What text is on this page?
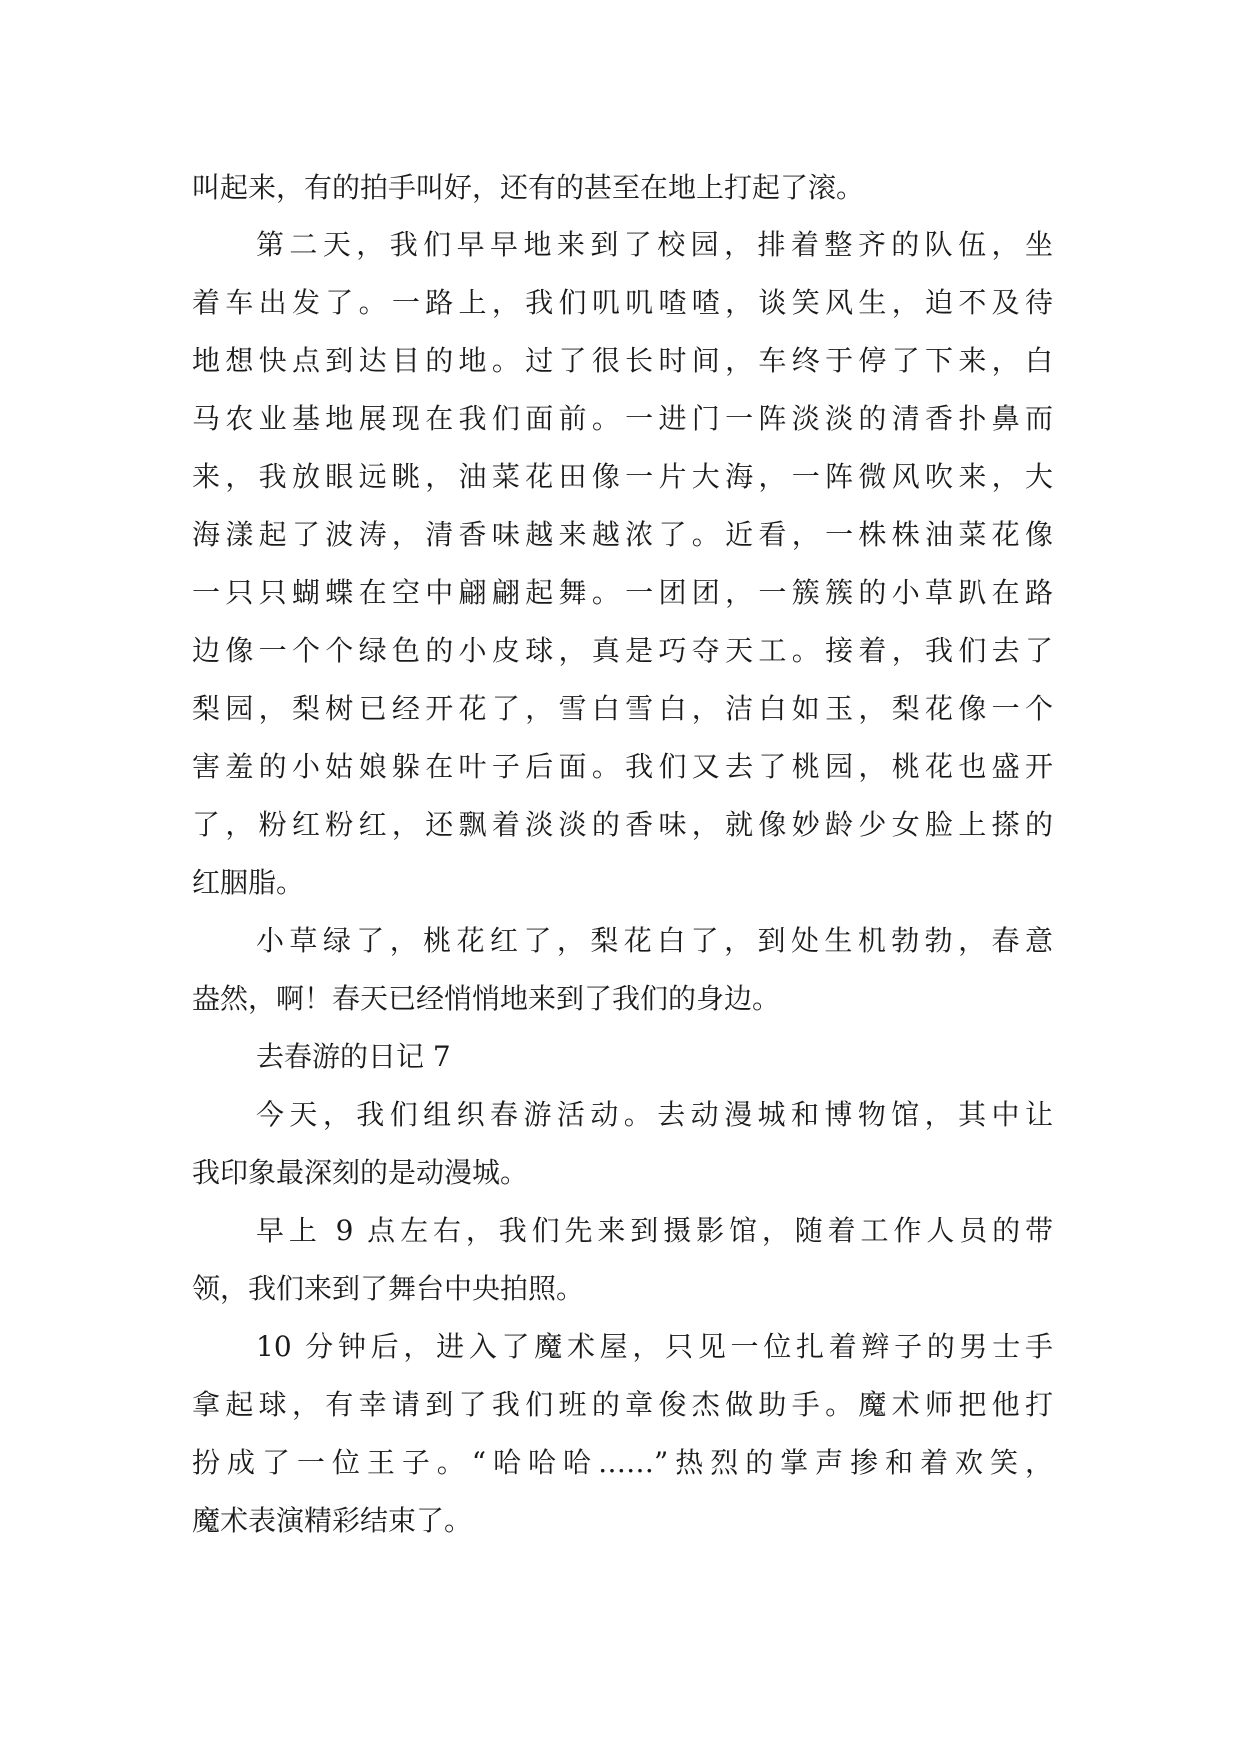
叫起来，有的拍手叫好，还有的甚至在地上打起了滚。
第二天，我们早早地来到了校园，排着整齐的队伍，坐
着车出发了。一路上，我们叽叽喳喳，谈笑风生，迫不及待
地想快点到达目的地。过了很长时间，车终于停了下来，白
马农业基地展现在我们面前。一进门一阵淡淡的清香扑鼻而
来，我放眼远眺，油菜花田像一片大海，一阵微风吹来，大
海漾起了波涛，清香味越来越浓了。近看，一株株油菜花像
一只只蝴蝶在空中翩翩起舞。一团团，一簇簇的小草趴在路
边像一个个绿色的小皮球，真是巧夺天工。接着，我们去了
梨园，梨树已经开花了，雪白雪白，洁白如玉，梨花像一个
害羞的小姑娘躲在叶子后面。我们又去了桃园，桃花也盛开
了，粉红粉红，还飘着淡淡的香味，就像妙龄少女脸上搽的
红胭脂。
小草绿了，桃花红了，梨花白了，到处生机勃勃，春意
盎然，啊！春天已经悄悄地来到了我们的身边。
去春游的日记 7
今天，我们组织春游活动。去动漫城和博物馆，其中让
我印象最深刻的是动漫城。
早上 9 点左右，我们先来到摄影馆，随着工作人员的带
领，我们来到了舞台中央拍照。
10 分钟后，进入了魔术屋，只见一位扎着辫子的男士手
拿起球，有幸请到了我们班的章俊杰做助手。魔术师把他打
扮成了一位王子。“哈哈哈……”热烈的掌声掺和着欢笑，
魔术表演精彩结束了。
